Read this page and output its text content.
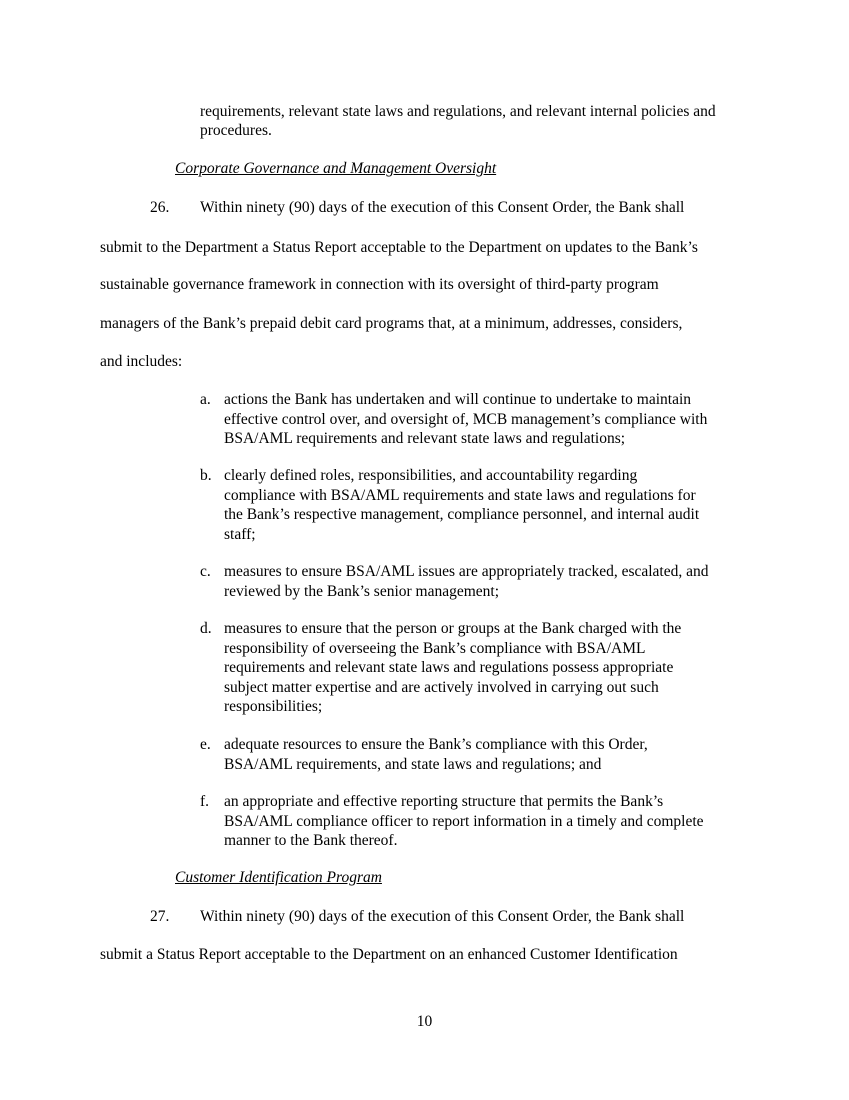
requirements, relevant state laws and regulations, and relevant internal policies and
procedures.
Corporate Governance and Management Oversight
26. Within ninety (90) days of the execution of this Consent Order, the Bank shall
submit to the Department a Status Report acceptable to the Department on updates to the Bank’s
sustainable governance framework in connection with its oversight of third-party program
managers of the Bank’s prepaid debit card programs that, at a minimum, addresses, considers,
and includes:
a. actions the Bank has undertaken and will continue to undertake to maintain
effective control over, and oversight of, MCB management’s compliance with
BSA/AML requirements and relevant state laws and regulations;
b. clearly defined roles, responsibilities, and accountability regarding
compliance with BSA/AML requirements and state laws and regulations for
the Bank’s respective management, compliance personnel, and internal audit
staff;
c. measures to ensure BSA/AML issues are appropriately tracked, escalated, and
reviewed by the Bank’s senior management;
d. measures to ensure that the person or groups at the Bank charged with the
responsibility of overseeing the Bank’s compliance with BSA/AML
requirements and relevant state laws and regulations possess appropriate
subject matter expertise and are actively involved in carrying out such
responsibilities;
e. adequate resources to ensure the Bank’s compliance with this Order,
BSA/AML requirements, and state laws and regulations; and
f. an appropriate and effective reporting structure that permits the Bank’s
BSA/AML compliance officer to report information in a timely and complete
manner to the Bank thereof.
Customer Identification Program
27. Within ninety (90) days of the execution of this Consent Order, the Bank shall
submit a Status Report acceptable to the Department on an enhanced Customer Identification
10
